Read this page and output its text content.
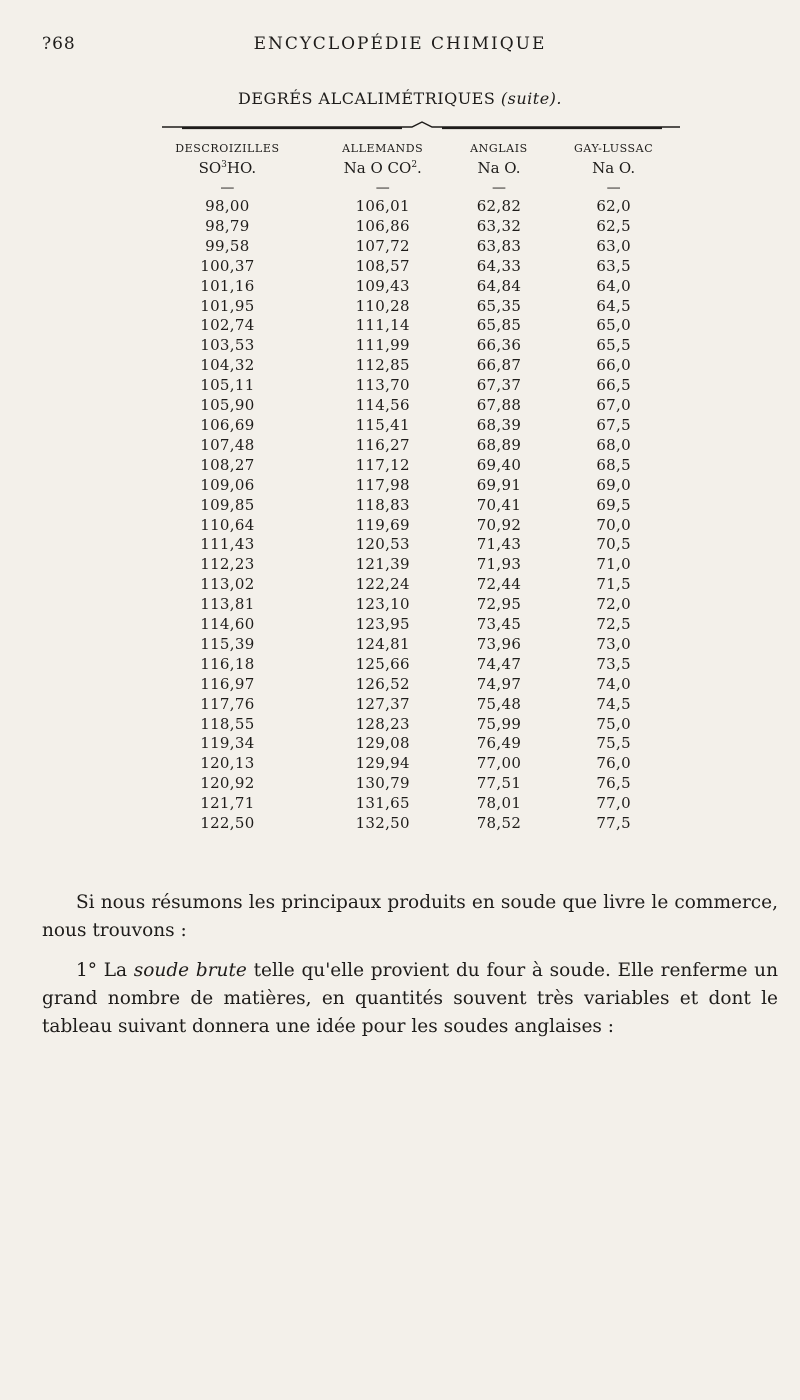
?68	ENCYCLOPÉDIE CHIMIQUE
DEGRÉS ALCALIMÉTRIQUES (suite).
DESCROIZILLES	ALLEMANDS	ANGLAIS	GAY-LUSSAC
$SO^3HO$.	Na O $CO^2$.	Na O.	Na O.
—	—	—	—
98,00	106,01	62,82	62,0
98,79	106,86	63,32	62,5
99,58	107,72	63,83	63,0
100,37	108,57	64,33	63,5
101,16	109,43	64,84	64,0
101,95	110,28	65,35	64,5
102,74	111,14	65,85	65,0
103,53	111,99	66,36	65,5
104,32	112,85	66,87	66,0
105,11	113,70	67,37	66,5
105,90	114,56	67,88	67,0
106,69	115,41	68,39	67,5
107,48	116,27	68,89	68,0
108,27	117,12	69,40	68,5
109,06	117,98	69,91	69,0
109,85	118,83	70,41	69,5
110,64	119,69	70,92	70,0
111,43	120,53	71,43	70,5
112,23	121,39	71,93	71,0
113,02	122,24	72,44	71,5
113,81	123,10	72,95	72,0
114,60	123,95	73,45	72,5
115,39	124,81	73,96	73,0
116,18	125,66	74,47	73,5
116,97	126,52	74,97	74,0
117,76	127,37	75,48	74,5
118,55	128,23	75,99	75,0
119,34	129,08	76,49	75,5
120,13	129,94	77,00	76,0
120,92	130,79	77,51	76,5
121,71	131,65	78,01	77,0
122,50	132,50	78,52	77,5

Si nous résumons les principaux produits en soude que livre le commerce, nous trouvons :

1° La soude brute telle qu'elle provient du four à soude. Elle renferme un grand nombre de matières, en quantités souvent très variables et dont le tableau suivant donnera une idée pour les soudes anglaises :
